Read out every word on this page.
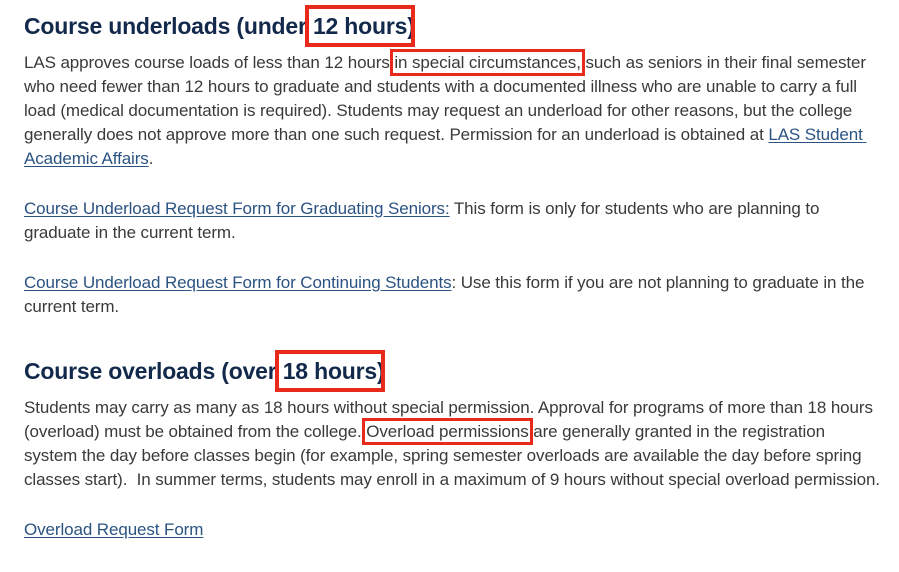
Course underloads (under 12 hours)

LAS approves course loads of less than 12 hours in special circumstances, such as seniors in their final semester who need fewer than 12 hours to graduate and students with a documented illness who are unable to carry a full load (medical documentation is required). Students may request an underload for other reasons, but the college generally does not approve more than one such request. Permission for an underload is obtained at LAS Student Academic Affairs.

Course Underload Request Form for Graduating Seniors: This form is only for students who are planning to graduate in the current term.

Course Underload Request Form for Continuing Students: Use this form if you are not planning to graduate in the current term.

Course overloads (over 18 hours)

Students may carry as many as 18 hours without special permission. Approval for programs of more than 18 hours (overload) must be obtained from the college. Overload permissions are generally granted in the registration system the day before classes begin (for example, spring semester overloads are available the day before spring classes start).  In summer terms, students may enroll in a maximum of 9 hours without special overload permission.

Overload Request Form
